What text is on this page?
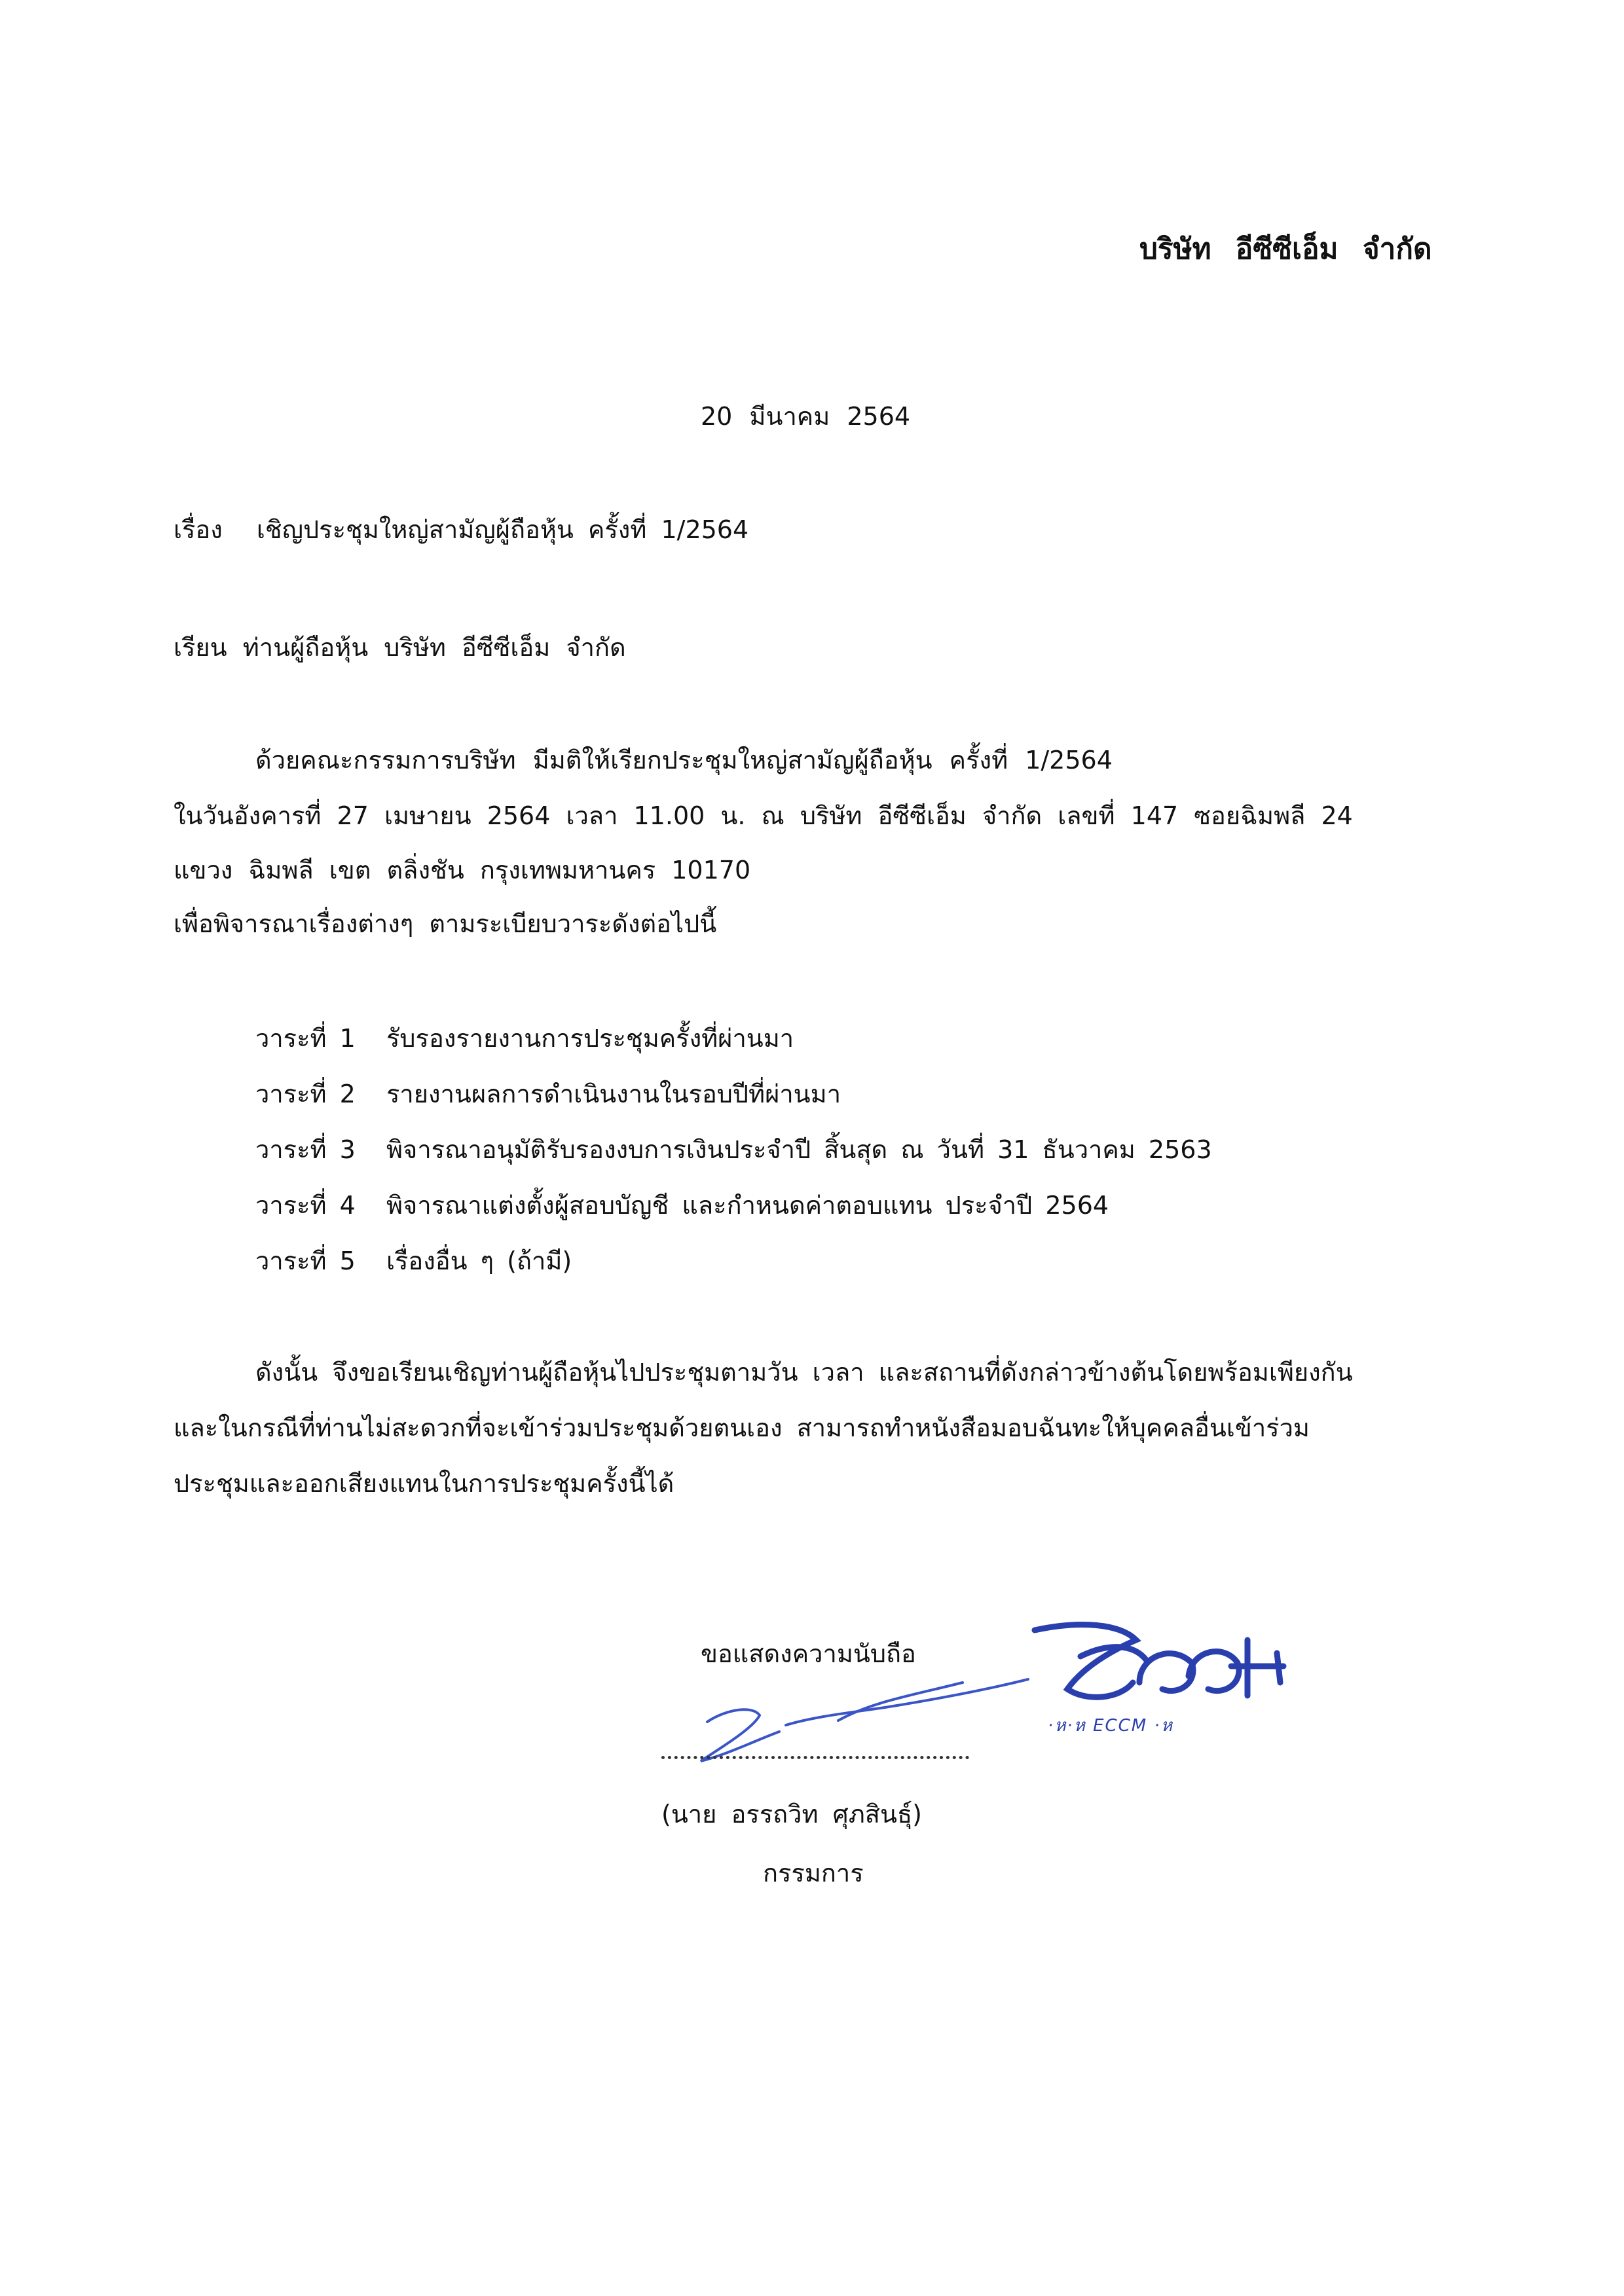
บริษัท อีซีซีเอ็ม จำกัด
20 มีนาคม 2564
เรื่อง เชิญประชุมใหญ่สามัญผู้ถือหุ้น ครั้งที่ 1/2564
เรียน ท่านผู้ถือหุ้น บริษัท อีซีซีเอ็ม จำกัด
ด้วยคณะกรรมการบริษัท มีมติให้เรียกประชุมใหญ่สามัญผู้ถือหุ้น ครั้งที่ 1/2564
ในวันอังคารที่ 27 เมษายน 2564 เวลา 11.00 น. ณ บริษัท อีซีซีเอ็ม จำกัด เลขที่ 147 ซอยฉิมพลี 24
แขวง ฉิมพลี เขต ตลิ่งชัน กรุงเทพมหานคร 10170
เพื่อพิจารณาเรื่องต่างๆ ตามระเบียบวาระดังต่อไปนี้
วาระที่ 1 รับรองรายงานการประชุมครั้งที่ผ่านมา
วาระที่ 2 รายงานผลการดำเนินงานในรอบปีที่ผ่านมา
วาระที่ 3 พิจารณาอนุมัติรับรองงบการเงินประจำปี สิ้นสุด ณ วันที่ 31 ธันวาคม 2563
วาระที่ 4 พิจารณาแต่งตั้งผู้สอบบัญชี และกำหนดค่าตอบแทน ประจำปี 2564
วาระที่ 5 เรื่องอื่น ๆ (ถ้ามี)
ดังนั้น จึงขอเรียนเชิญท่านผู้ถือหุ้นไปประชุมตามวัน เวลา และสถานที่ดังกล่าวข้างต้นโดยพร้อมเพียงกัน
และในกรณีที่ท่านไม่สะดวกที่จะเข้าร่วมประชุมด้วยตนเอง สามารถทำหนังสือมอบฉันทะให้บุคคลอื่นเข้าร่วม
ประชุมและออกเสียงแทนในการประชุมครั้งนี้ได้
ขอแสดงความนับถือ
·ห·ห ECCM ·ห
(นาย อรรถวิท ศุภสินธุ์)
กรรมการ
